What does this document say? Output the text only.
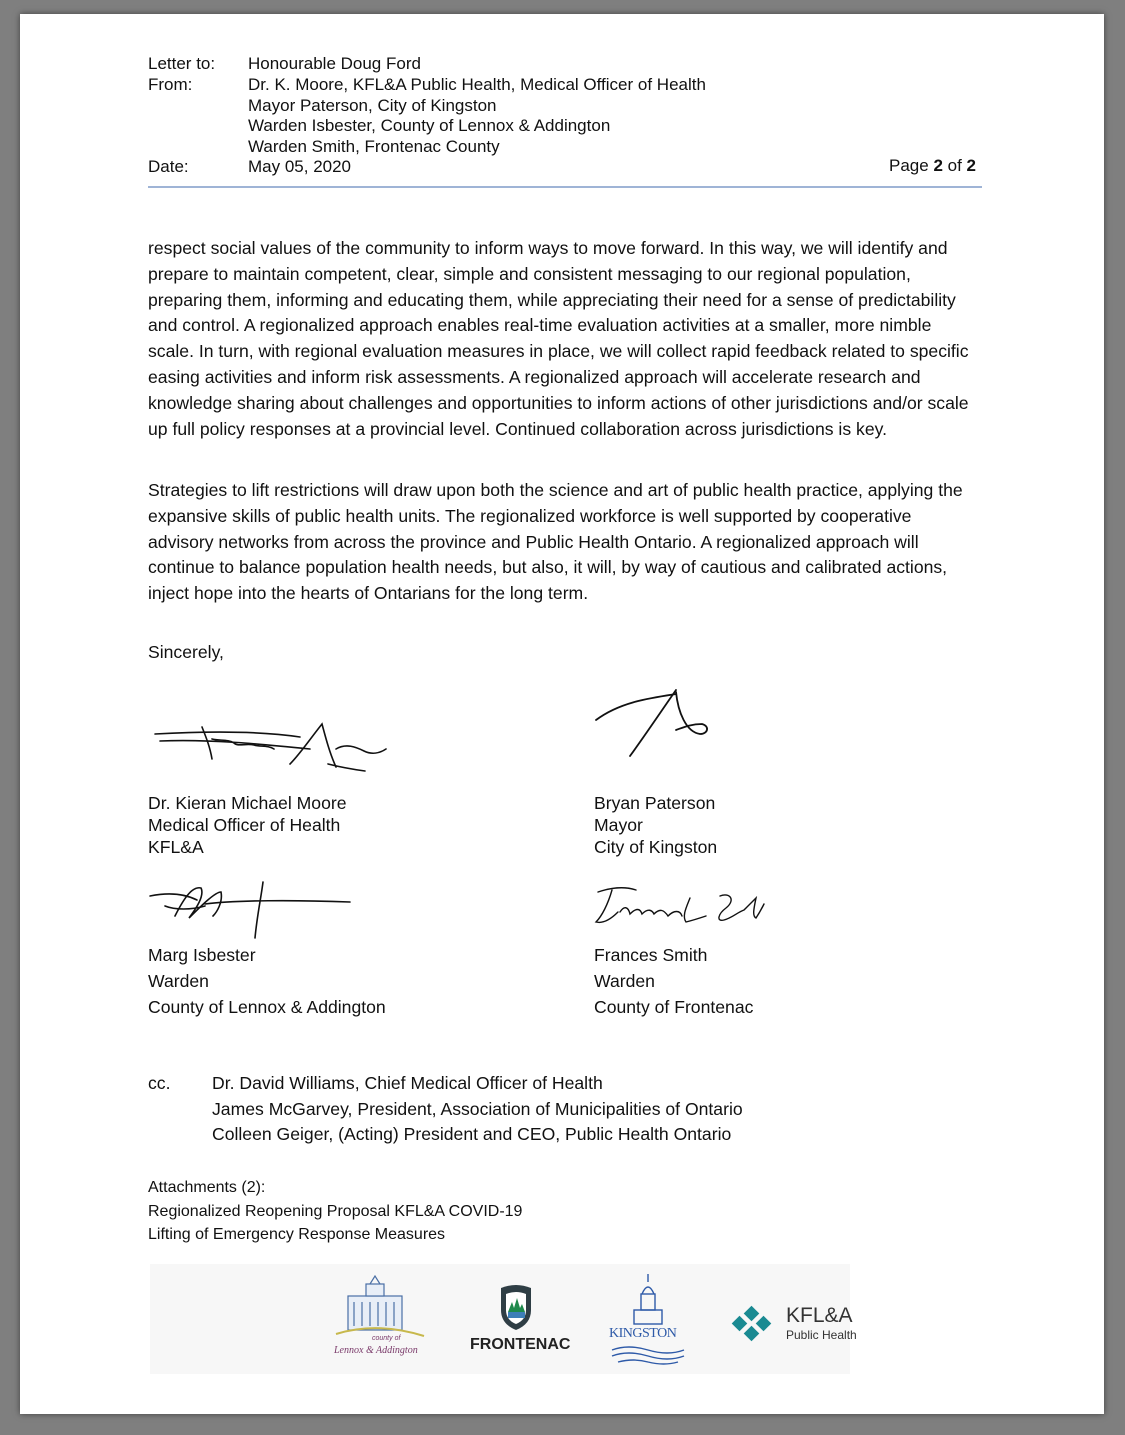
Letter to: Honourable Doug Ford
From:	Dr. K. Moore, KFL&A Public Health, Medical Officer of Health
Mayor Paterson, City of Kingston
Warden Isbester, County of Lennox & Addington
Warden Smith, Frontenac County
Date:	May 05, 2020	Page 2 of 2

respect social values of the community to inform ways to move forward. In this way, we will identify and prepare to maintain competent, clear, simple and consistent messaging to our regional population, preparing them, informing and educating them, while appreciating their need for a sense of predictability and control. A regionalized approach enables real-time evaluation activities at a smaller, more nimble scale. In turn, with regional evaluation measures in place, we will collect rapid feedback related to specific easing activities and inform risk assessments. A regionalized approach will accelerate research and knowledge sharing about challenges and opportunities to inform actions of other jurisdictions and/or scale up full policy responses at a provincial level. Continued collaboration across jurisdictions is key.

Strategies to lift restrictions will draw upon both the science and art of public health practice, applying the expansive skills of public health units. The regionalized workforce is well supported by cooperative advisory networks from across the province and Public Health Ontario. A regionalized approach will continue to balance population health needs, but also, it will, by way of cautious and calibrated actions, inject hope into the hearts of Ontarians for the long term.

Sincerely,

Dr. Kieran Michael Moore
Medical Officer of Health
KFL&A
Bryan Paterson
Mayor
City of Kingston
Marg Isbester
Warden
County of Lennox & Addington
Frances Smith
Warden
County of Frontenac
cc. Dr. David Williams, Chief Medical Officer of Health
James McGarvey, President, Association of Municipalities of Ontario
Colleen Geiger, (Acting) President and CEO, Public Health Ontario
Attachments (2):
Regionalized Reopening Proposal KFL&A COVID-19
Lifting of Emergency Response Measures
county of
Lennox & Addington	FRONTENAC
KINGSTON
KFL&A
Public Health
